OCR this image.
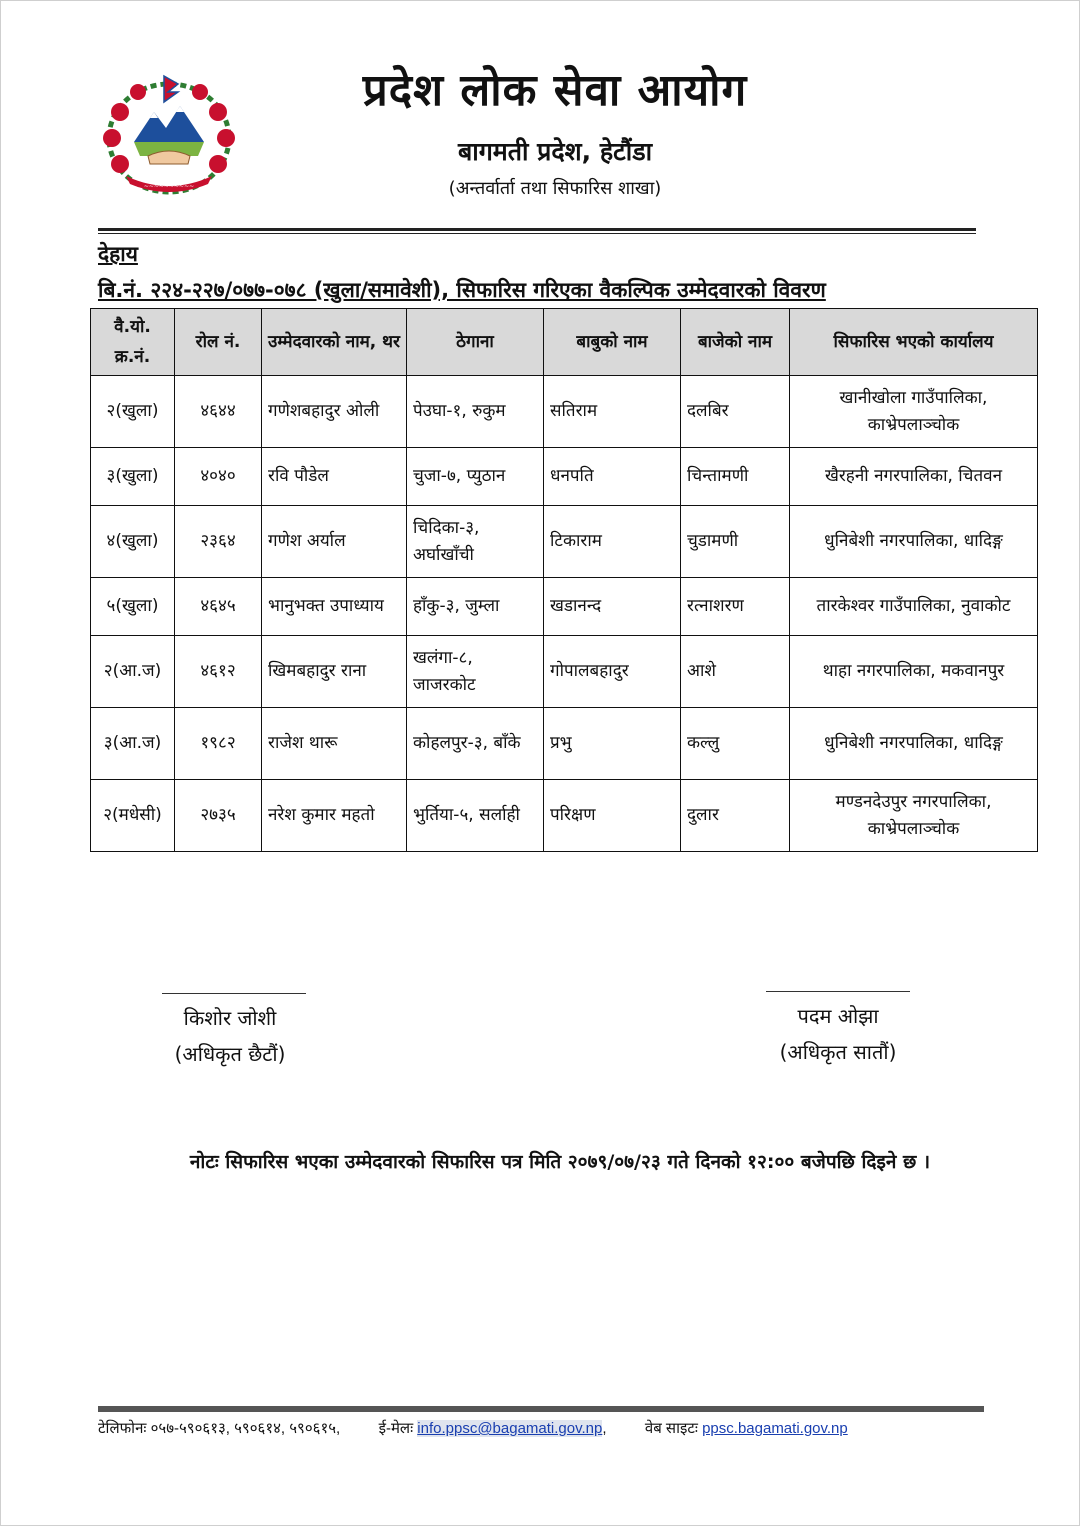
~~~~~~~~~~
प्रदेश लोक सेवा आयोग
बागमती प्रदेश, हेटौंडा
(अन्तर्वार्ता तथा सिफारिस शाखा)
देहाय
बि.नं. २२४-२२७/०७७-०७८ (खुला/समावेशी), सिफारिस गरिएका वैकल्पिक उम्मेदवारको विवरण
वै.यो. क्र.नं.	रोल नं.	उम्मेदवारको नाम, थर	ठेगाना	बाबुको नाम	बाजेको नाम	सिफारिस भएको कार्यालय
२(खुला)	४६४४	गणेशबहादुर ओली	पेउघा-१, रुकुम	सतिराम	दलबिर	खानीखोला गाउँपालिका, काभ्रेपलाञ्चोक
३(खुला)	४०४०	रवि पौडेल	चुजा-७, प्युठान	धनपति	चिन्तामणी	खैरहनी नगरपालिका, चितवन
४(खुला)	२३६४	गणेश अर्याल	चिदिका-३, अर्घाखाँची	टिकाराम	चुडामणी	धुनिबेशी नगरपालिका, धादिङ्ग
५(खुला)	४६४५	भानुभक्त उपाध्याय	हाँकु-३, जुम्ला	खडानन्द	रत्नाशरण	तारकेश्वर गाउँपालिका, नुवाकोट
२(आ.ज)	४६१२	खिमबहादुर राना	खलंगा-८, जाजरकोट	गोपालबहादुर	आशे	थाहा नगरपालिका, मकवानपुर
३(आ.ज)	१९८२	राजेश थारू	कोहलपुर-३, बाँके	प्रभु	कल्लु	धुनिबेशी नगरपालिका, धादिङ्ग
२(मधेसी)	२७३५	नरेश कुमार महतो	भुर्तिया-५, सर्लाही	परिक्षण	दुलार	मण्डनदेउपुर नगरपालिका, काभ्रेपलाञ्चोक
किशोर जोशी
(अधिकृत छैटौं)
पदम ओझा
(अधिकृत सातौं)
नोटः सिफारिस भएका उम्मेदवारको सिफारिस पत्र मिति २०७९/०७/२३ गते दिनको १२:०० बजेपछि दिइने छ ।
टेलिफोनः ०५७-५९०६१३, ५९०६१४, ५९०६१५,	ई-मेलः info.ppsc@bagamati.gov.np,	वेब साइटः ppsc.bagamati.gov.np
